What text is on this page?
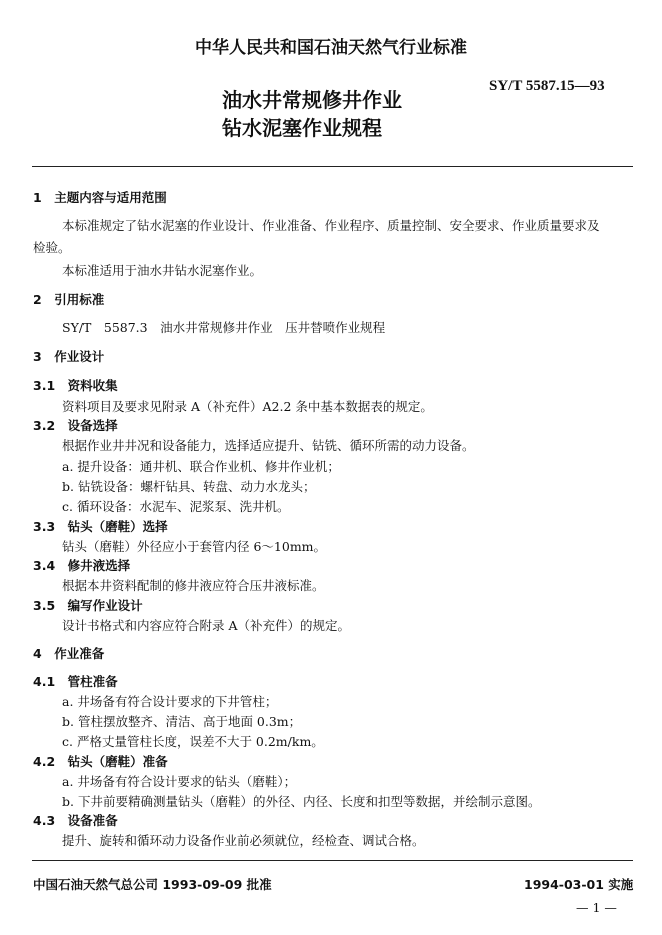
中华人民共和国石油天然气行业标准
油水井常规修井作业
钻水泥塞作业规程
SY/T 5587.15—93
1　主题内容与适用范围
本标准规定了钻水泥塞的作业设计、作业准备、作业程序、质量控制、安全要求、作业质量要求及
检验。
本标准适用于油水井钻水泥塞作业。
2　引用标准
SY/T　5587.3　油水井常规修井作业　压井替喷作业规程
3　作业设计
3.1　资料收集
资料项目及要求见附录 A（补充件）A2.2 条中基本数据表的规定。
3.2　设备选择
根据作业井井况和设备能力，选择适应提升、钻铣、循环所需的动力设备。
a. 提升设备：通井机、联合作业机、修井作业机；
b. 钻铣设备：螺杆钻具、转盘、动力水龙头；
c. 循环设备：水泥车、泥浆泵、洗井机。
3.3　钻头（磨鞋）选择
钻头（磨鞋）外径应小于套管内径 6～10mm。
3.4　修井液选择
根据本井资料配制的修井液应符合压井液标准。
3.5　编写作业设计
设计书格式和内容应符合附录 A（补充件）的规定。
4　作业准备
4.1　管柱准备
a. 井场备有符合设计要求的下井管柱；
b. 管柱摆放整齐、清洁、高于地面 0.3m；
c. 严格丈量管柱长度，误差不大于 0.2m/km。
4.2　钻头（磨鞋）准备
a. 井场备有符合设计要求的钻头（磨鞋）；
b. 下井前要精确测量钻头（磨鞋）的外径、内径、长度和扣型等数据，并绘制示意图。
4.3　设备准备
提升、旋转和循环动力设备作业前必须就位，经检查、调试合格。
中国石油天然气总公司 1993-09-09 批准	1994-03-01 实施
— 1 —
